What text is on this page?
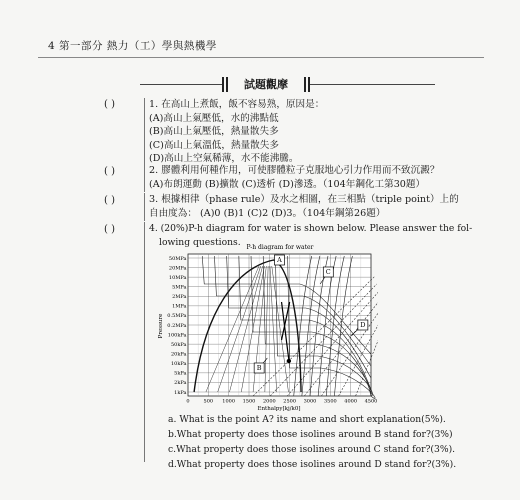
4 第一部分 熱力（工）學與熱機學
試題觀摩
( )	1. 在高山上煮飯，飯不容易熟，原因是：
(A)高山上氣壓低，水的沸點低
(B)高山上氣壓低，熱量散失多
(C)高山上氣溫低，熱量散失多
(D)高山上空氣稀薄，水不能沸騰。
( )	2. 膠體利用何種作用，可使膠體粒子克服地心引力作用而不致沉澱？
(A)布朗運動 (B)擴散 (C)透析 (D)滲透。（104年鋼化工第30題）
( )	3. 根據相律（phase rule）及水之相圖，在三相點（triple point）上的
自由度為： (A)0 (B)1 (C)2 (D)3。（104年鋼第26題）
( )	4. (20%)P-h diagram for water is shown below. Please answer the fol-
lowing questions. P-h diagram for water
A
B
C
D
50MPa
20MPa
10MPa
5MPa
2MPa
1MPa
0.5MPa
0.2MPa
100kPa
50kPa
20kPa
10kPa
5kPa
2kPa
1kPa
0	500 1000 1500 2000 2500 3000 3500 4000 4500
Enthalpy[kj/k0]
Pressure
a. What is the point A? its name and short explanation(5%).
b.What property does those isolines around B stand for?(3%)
c.What property does those isolines around C stand for?(3%).
d.What property does those isolines around D stand for?(3%).
